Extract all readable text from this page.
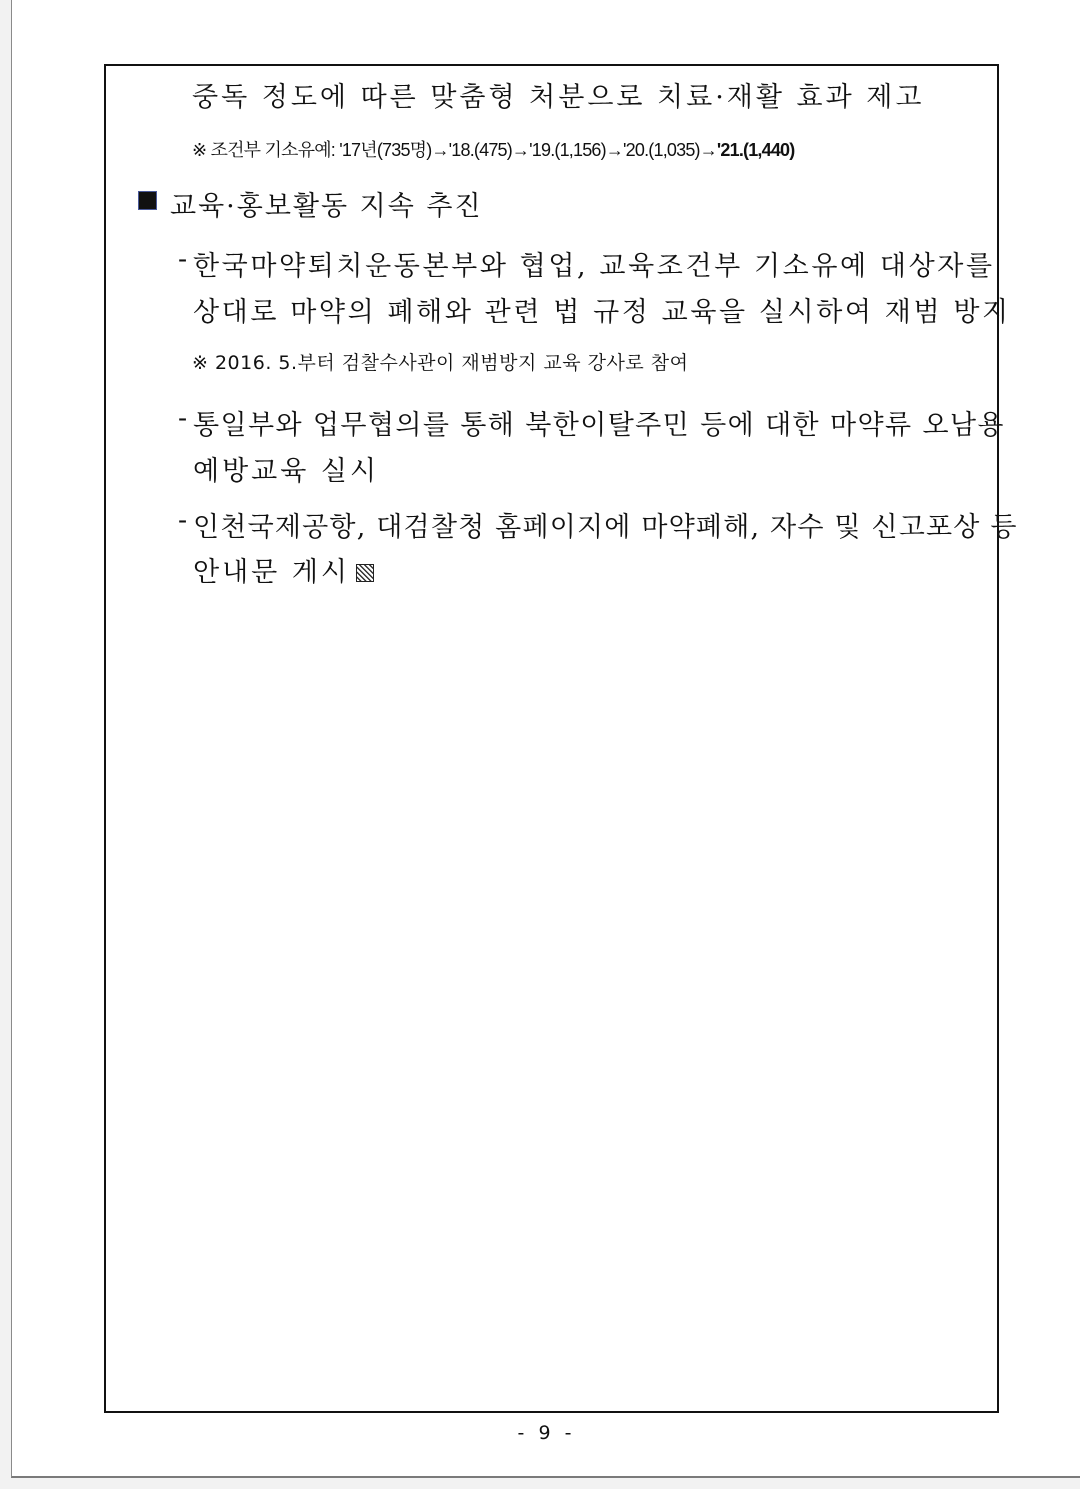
중독 정도에 따른 맞춤형 처분으로 치료·재활 효과 제고
※ 조건부 기소유예: '17년(735명)→'18.(475)→'19.(1,156)→'20.(1,035)→'21.(1,440)
교육·홍보활동 지속 추진
- 한국마약퇴치운동본부와 협업, 교육조건부 기소유예 대상자를
상대로 마약의 폐해와 관련 법 규정 교육을 실시하여 재범 방지
※ 2016. 5.부터 검찰수사관이 재범방지 교육 강사로 참여
- 통일부와 업무협의를 통해 북한이탈주민 등에 대한 마약류 오남용
예방교육 실시
- 인천국제공항, 대검찰청 홈페이지에 마약폐해, 자수 및 신고포상 등
안내문 게시
- 9 -
